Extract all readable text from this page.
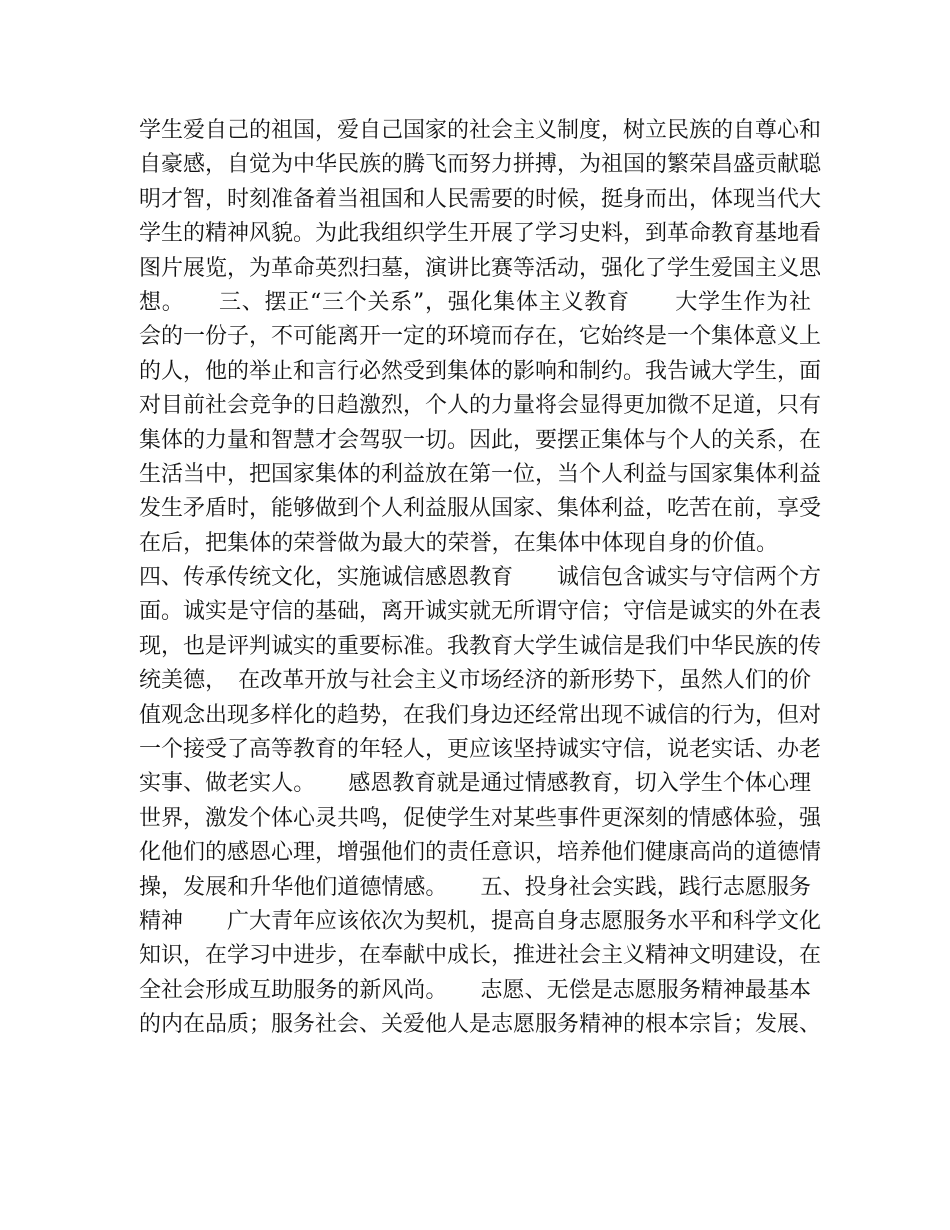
学生爱自己的祖国，爱自己国家的社会主义制度，树立民族的自尊心和
自豪感，自觉为中华民族的腾飞而努力拼搏，为祖国的繁荣昌盛贡献聪
明才智，时刻准备着当祖国和人民需要的时候，挺身而出，体现当代大
学生的精神风貌。为此我组织学生开展了学习史料，到革命教育基地看
图片展览，为革命英烈扫墓，演讲比赛等活动，强化了学生爱国主义思
想。　　三、摆正“三个关系”，强化集体主义教育　　大学生作为社
会的一份子，不可能离开一定的环境而存在，它始终是一个集体意义上
的人，他的举止和言行必然受到集体的影响和制约。我告诫大学生，面
对目前社会竞争的日趋激烈，个人的力量将会显得更加微不足道，只有
集体的力量和智慧才会驾驭一切。因此，要摆正集体与个人的关系，在
生活当中，把国家集体的利益放在第一位，当个人利益与国家集体利益
发生矛盾时，能够做到个人利益服从国家、集体利益，吃苦在前，享受
在后，把集体的荣誉做为最大的荣誉，在集体中体现自身的价值。　　
四、传承传统文化，实施诚信感恩教育　　诚信包含诚实与守信两个方
面。诚实是守信的基础，离开诚实就无所谓守信；守信是诚实的外在表
现，也是评判诚实的重要标准。我教育大学生诚信是我们中华民族的传
统美德，　在改革开放与社会主义市场经济的新形势下，虽然人们的价
值观念出现多样化的趋势，在我们身边还经常出现不诚信的行为，但对
一个接受了高等教育的年轻人，更应该坚持诚实守信，说老实话、办老
实事、做老实人。　　感恩教育就是通过情感教育，切入学生个体心理
世界，激发个体心灵共鸣，促使学生对某些事件更深刻的情感体验，强
化他们的感恩心理，增强他们的责任意识，培养他们健康高尚的道德情
操，发展和升华他们道德情感。　　五、投身社会实践，践行志愿服务
精神　　广大青年应该依次为契机，提高自身志愿服务水平和科学文化
知识，在学习中进步，在奉献中成长，推进社会主义精神文明建设，在
全社会形成互助服务的新风尚。　　志愿、无偿是志愿服务精神最基本
的内在品质；服务社会、关爱他人是志愿服务精神的根本宗旨；发展、
